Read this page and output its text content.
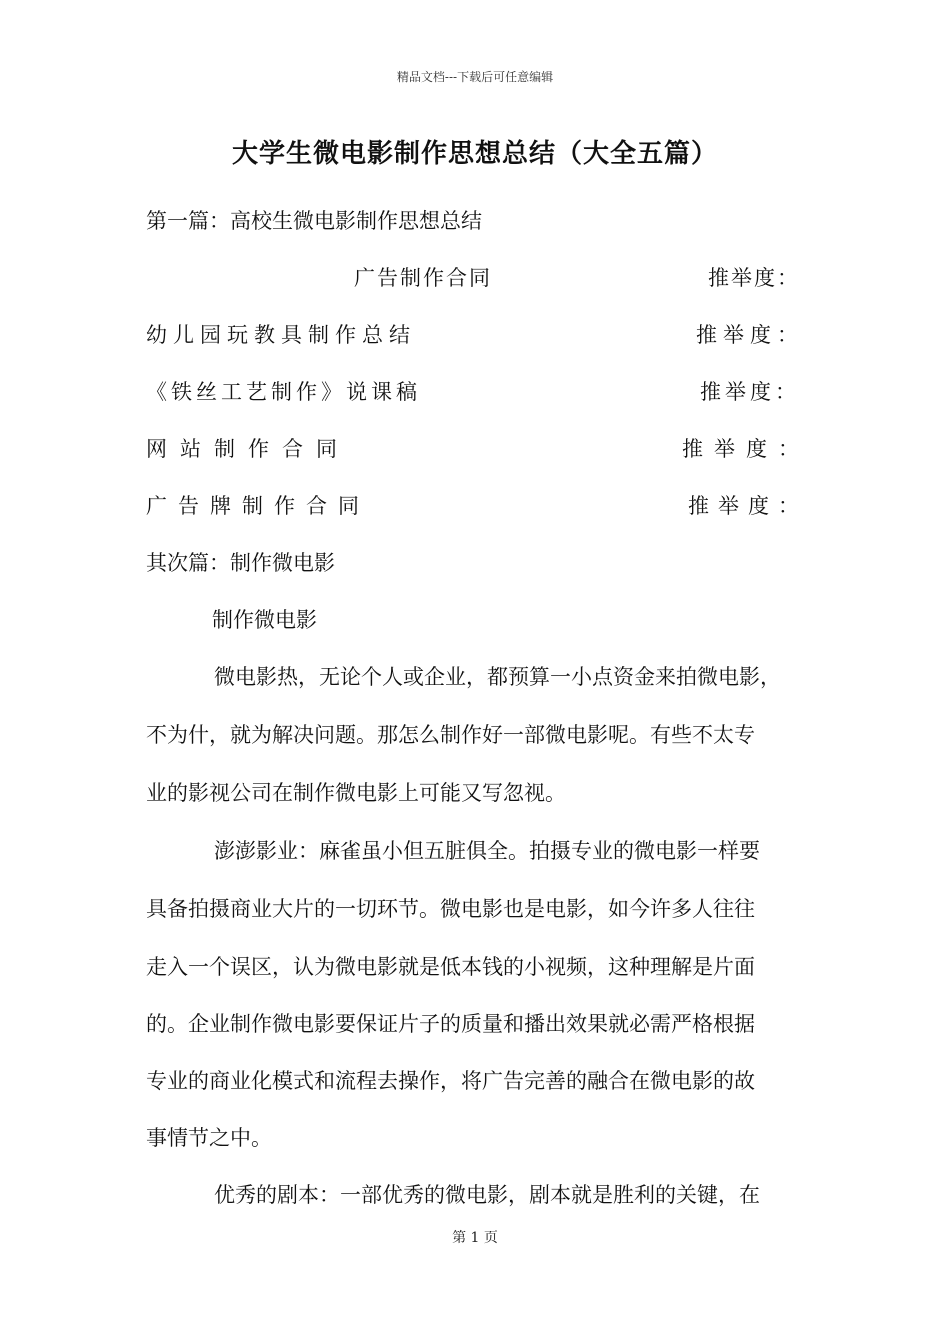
精品文档---下载后可任意编辑
大学生微电影制作思想总结（大全五篇）
第一篇：高校生微电影制作思想总结
广告制作合同	推举度：
幼儿园玩教具制作总结	推举度：
《铁丝工艺制作》说课稿	推举度：
网站制作合同	推举度：
广告牌制作合同	推举度：
其次篇：制作微电影
制作微电影
微电影热，无论个人或企业，都预算一小点资金来拍微电影，
不为什，就为解决问题。那怎么制作好一部微电影呢。有些不太专
业的影视公司在制作微电影上可能又写忽视。
澎澎影业：麻雀虽小但五脏俱全。拍摄专业的微电影一样要
具备拍摄商业大片的一切环节。微电影也是电影，如今许多人往往
走入一个误区，认为微电影就是低本钱的小视频，这种理解是片面
的。企业制作微电影要保证片子的质量和播出效果就必需严格根据
专业的商业化模式和流程去操作，将广告完善的融合在微电影的故
事情节之中。
优秀的剧本：一部优秀的微电影，剧本就是胜利的关键，在
第 1 页
